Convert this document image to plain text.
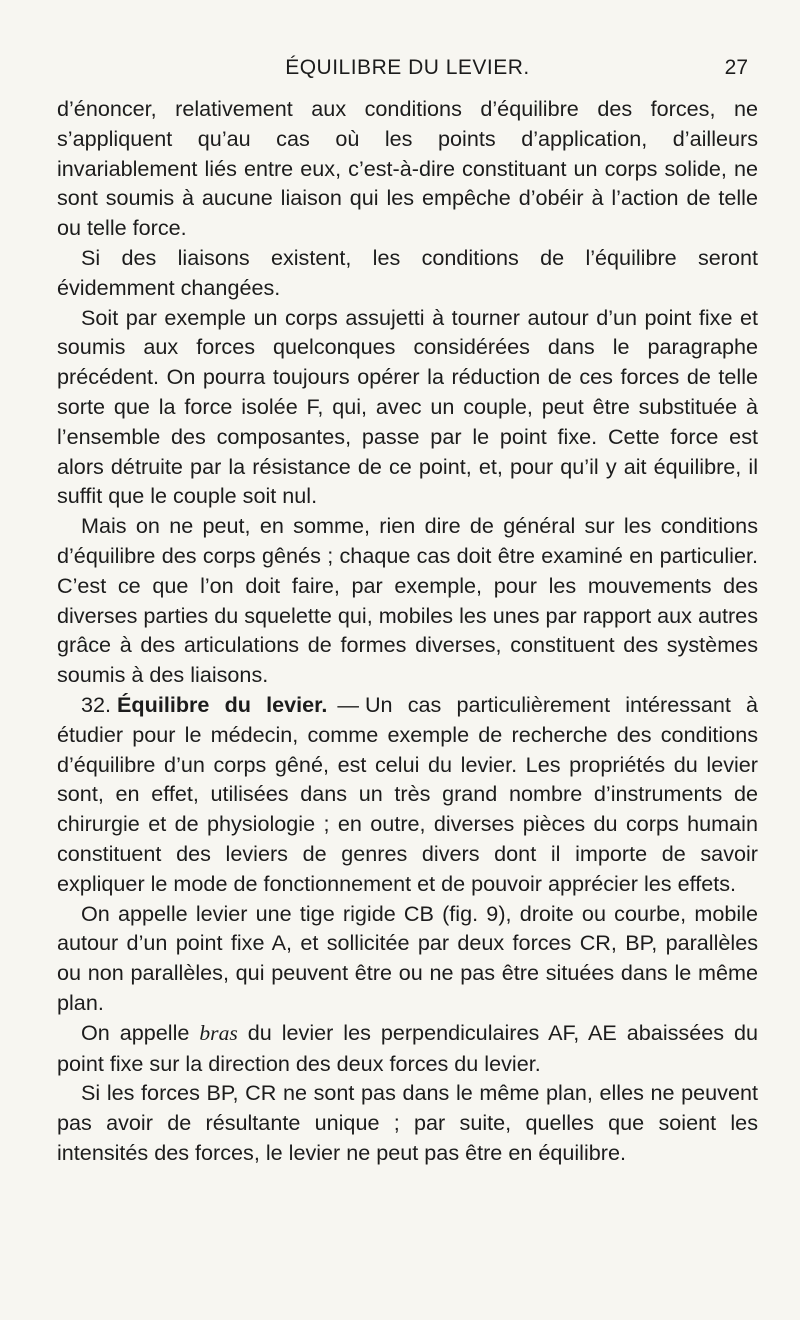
ÉQUILIBRE DU LEVIER.	27

d’énoncer, relativement aux conditions d’équilibre des forces, ne s’appliquent qu’au cas où les points d’application, d’ailleurs invariablement liés entre eux, c’est-à-dire constituant un corps solide, ne sont soumis à aucune liaison qui les empêche d’obéir à l’action de telle ou telle force.

Si des liaisons existent, les conditions de l’équilibre seront évidemment changées.

Soit par exemple un corps assujetti à tourner autour d’un point fixe et soumis aux forces quelconques considérées dans le paragraphe précédent. On pourra toujours opérer la réduction de ces forces de telle sorte que la force isolée F, qui, avec un couple, peut être substituée à l’ensemble des composantes, passe par le point fixe. Cette force est alors détruite par la résistance de ce point, et, pour qu’il y ait équilibre, il suffit que le couple soit nul.

Mais on ne peut, en somme, rien dire de général sur les conditions d’équilibre des corps gênés ; chaque cas doit être examiné en particulier. C’est ce que l’on doit faire, par exemple, pour les mouvements des diverses parties du squelette qui, mobiles les unes par rapport aux autres grâce à des articulations de formes diverses, constituent des systèmes soumis à des liaisons.

32. Équilibre du levier. — Un cas particulièrement intéressant à étudier pour le médecin, comme exemple de recherche des conditions d’équilibre d’un corps gêné, est celui du levier. Les propriétés du levier sont, en effet, utilisées dans un très grand nombre d’instruments de chirurgie et de physiologie ; en outre, diverses pièces du corps humain constituent des leviers de genres divers dont il importe de savoir expliquer le mode de fonctionnement et de pouvoir apprécier les effets.

On appelle levier une tige rigide CB (fig. 9), droite ou courbe, mobile autour d’un point fixe A, et sollicitée par deux forces CR, BP, parallèles ou non parallèles, qui peuvent être ou ne pas être situées dans le même plan.

On appelle bras du levier les perpendiculaires AF, AE abaissées du point fixe sur la direction des deux forces du levier.

Si les forces BP, CR ne sont pas dans le même plan, elles ne peuvent pas avoir de résultante unique ; par suite, quelles que soient les intensités des forces, le levier ne peut pas être en équilibre.
